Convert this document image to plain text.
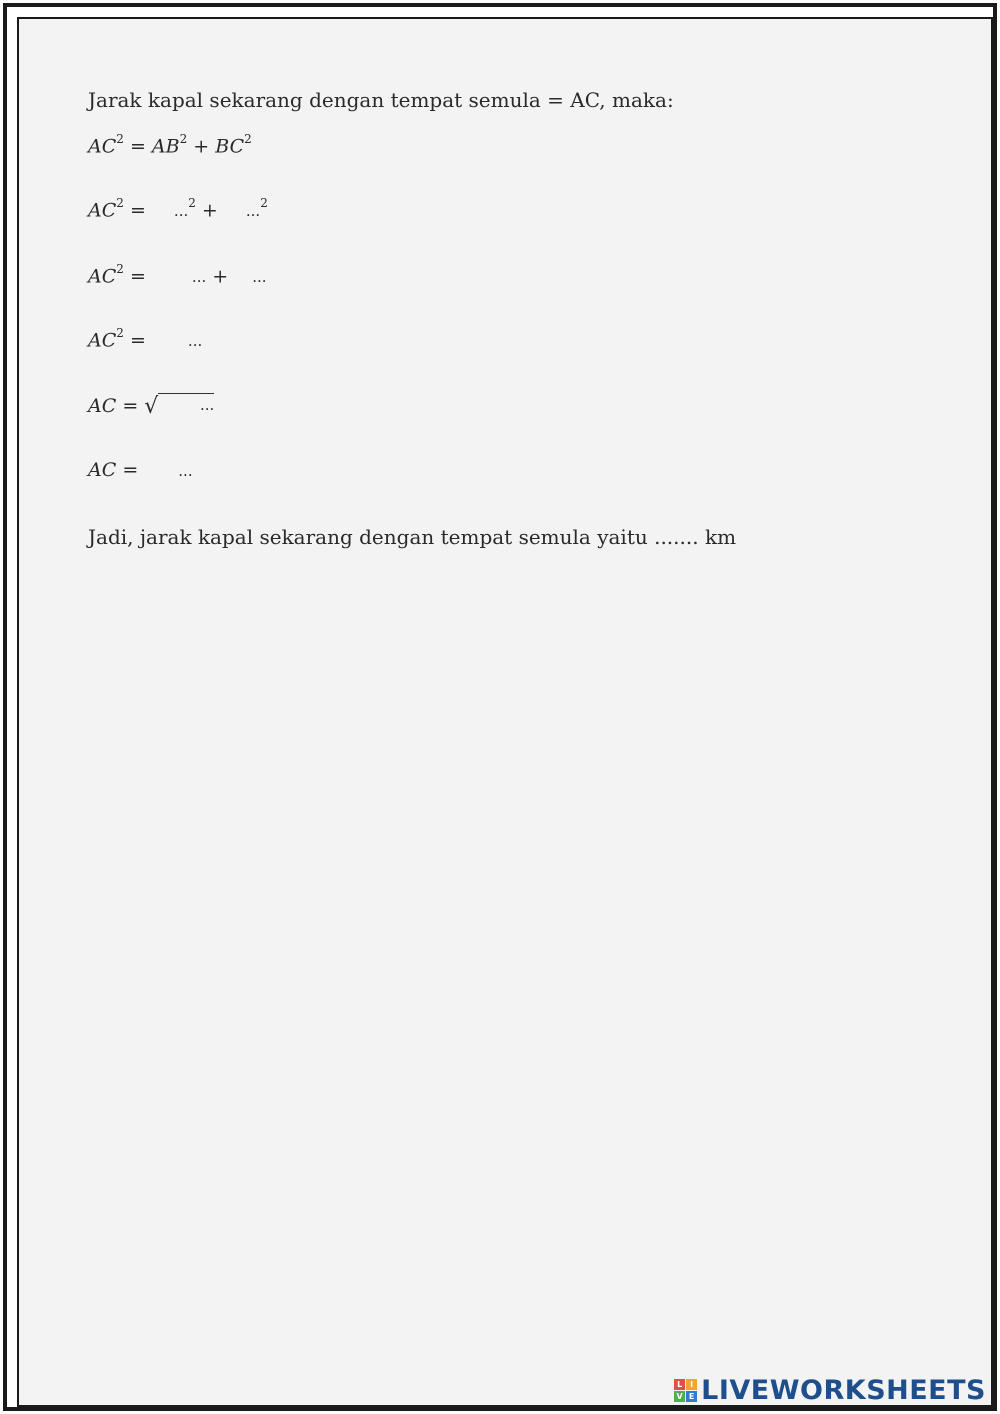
Jarak kapal sekarang dengan tempat semula = AC, maka:
$AC^2 = AB^2 + BC^2$
$AC^2 = ...^2 + ...^2$
$AC^2$ =	... + ...
$AC^2$ =	...
AC = √	...
AC =	...
Jadi, jarak kapal sekarang dengan tempat semula yaitu ....... km
L I
V E LIVEWORKSHEETS
